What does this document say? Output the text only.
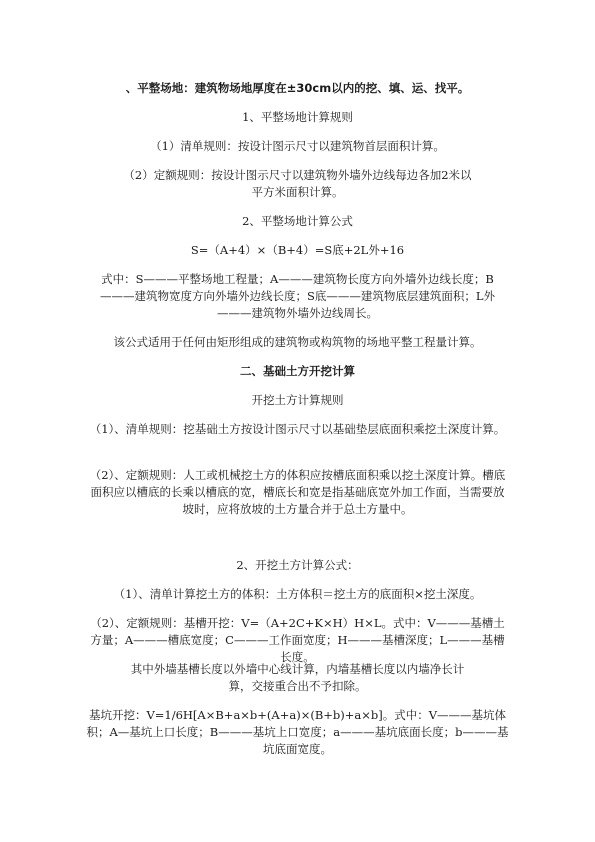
、平整场地：建筑物场地厚度在±30cm以内的挖、填、运、找平。

1、平整场地计算规则

（1）清单规则：按设计图示尺寸以建筑物首层面积计算。

（2）定额规则：按设计图示尺寸以建筑物外墙外边线每边各加2米以平方米面积计算。

2、平整场地计算公式

S=（A+4）×（B+4）=S底+2L外+16

式中：S———平整场地工程量；A———建筑物长度方向外墙外边线长度；B———建筑物宽度方向外墙外边线长度；S底———建筑物底层建筑面积；L外———建筑物外墙外边线周长。

该公式适用于任何由矩形组成的建筑物或构筑物的场地平整工程量计算。

二、基础土方开挖计算

开挖土方计算规则

（1）、清单规则：挖基础土方按设计图示尺寸以基础垫层底面积乘挖土深度计算。

（2）、定额规则：人工或机械挖土方的体积应按槽底面积乘以挖土深度计算。槽底面积应以槽底的长乘以槽底的宽，槽底长和宽是指基础底宽外加工作面，当需要放坡时，应将放坡的土方量合并于总土方量中。

2、开挖土方计算公式：

（1）、清单计算挖土方的体积：土方体积＝挖土方的底面积×挖土深度。

（2）、定额规则：基槽开挖：V=（A+2C+K×H）H×L。式中：V———基槽土方量；A———槽底宽度；C———工作面宽度；H———基槽深度；L———基槽长度。

其中外墙基槽长度以外墙中心线计算，内墙基槽长度以内墙净长计算，交接重合出不予扣除。

基坑开挖：V=1/6H[A×B+a×b+(A+a)×(B+b)+a×b]。式中：V———基坑体积；A—基坑上口长度；B———基坑上口宽度；a———基坑底面长度；b———基坑底面宽度。
